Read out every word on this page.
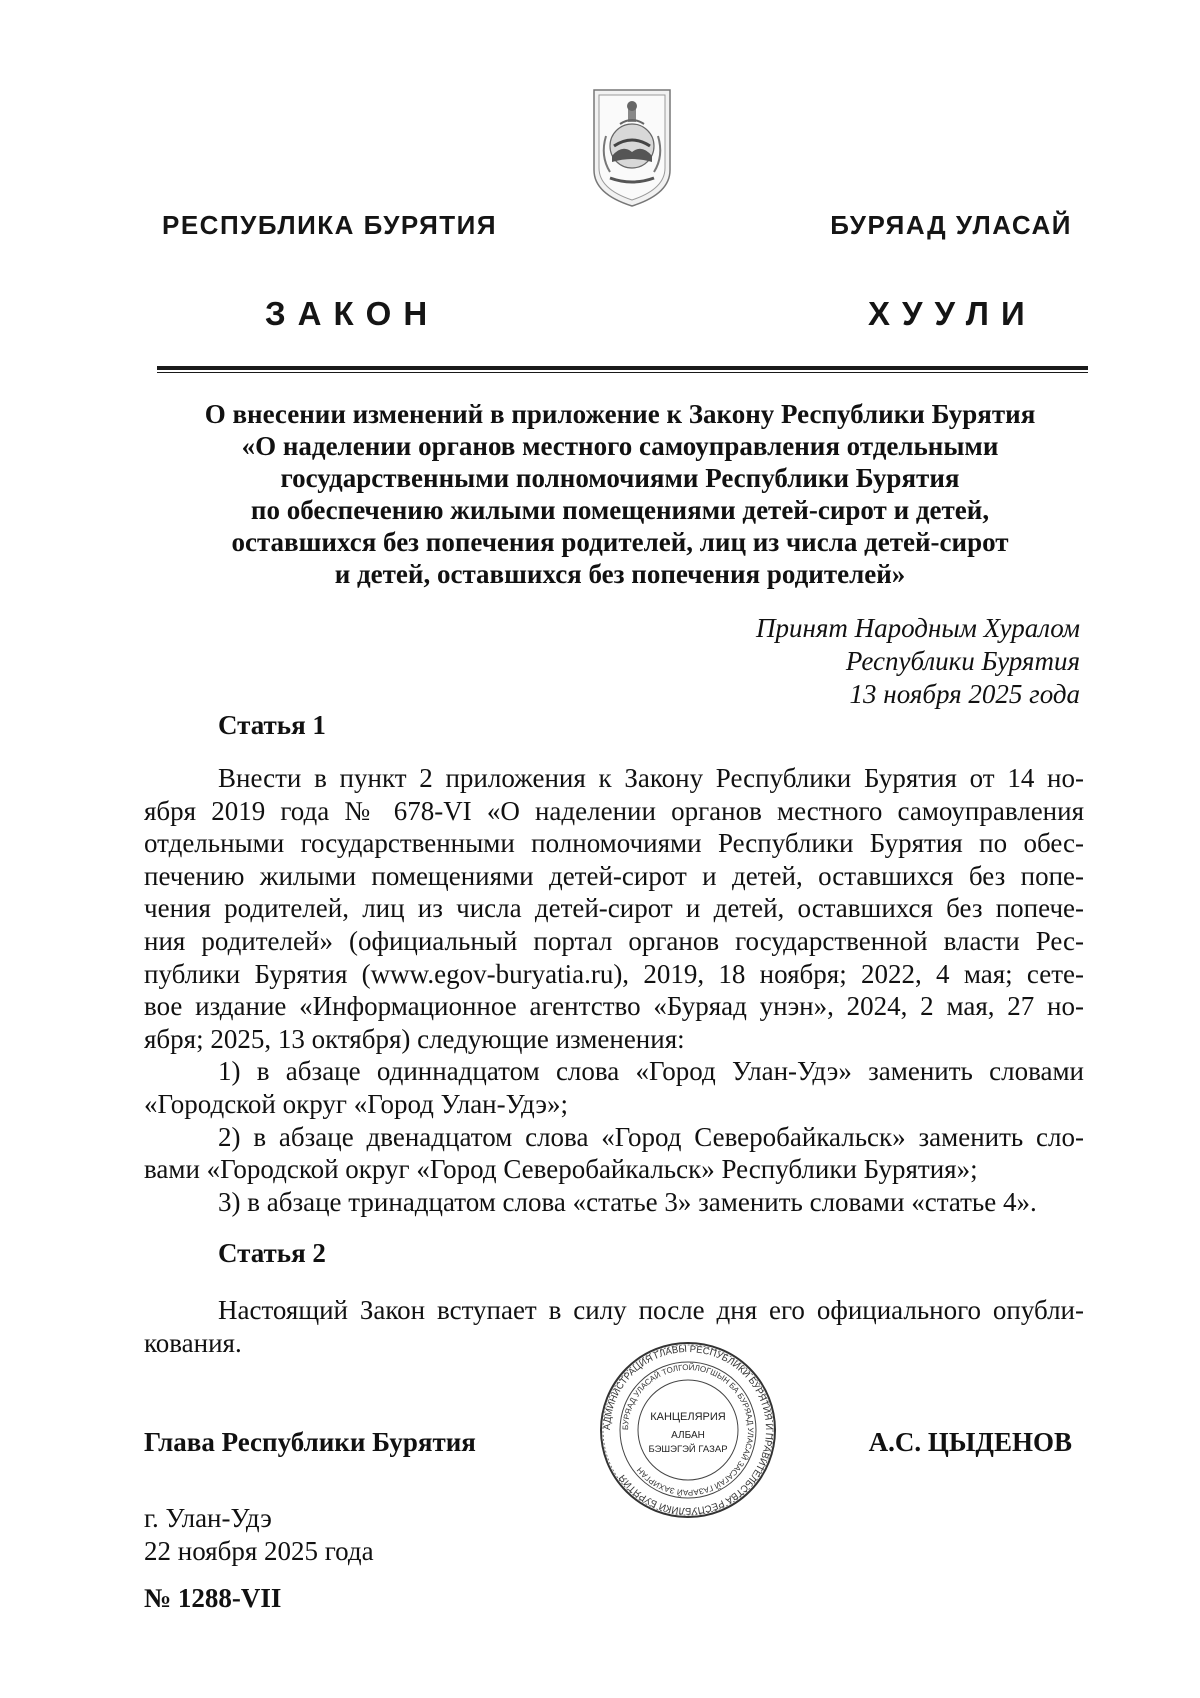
РЕСПУБЛИКА БУРЯТИЯ	БУРЯАД УЛАСАЙ
ЗАКОН	ХУУЛИ
О внесении изменений в приложение к Закону Республики Бурятия
«О наделении органов местного самоуправления отдельными
государственными полномочиями Республики Бурятия
по обеспечению жилыми помещениями детей-сирот и детей,
оставшихся без попечения родителей, лиц из числа детей-сирот
и детей, оставшихся без попечения родителей»
Принят Народным Хуралом
Республики Бурятия
13 ноября 2025 года
Статья 1
Внести в пункт 2 приложения к Закону Республики Бурятия от 14 но-
ября 2019 года № 678-VI «О наделении органов местного самоуправления
отдельными государственными полномочиями Республики Бурятия по обес-
печению жилыми помещениями детей-сирот и детей, оставшихся без попе-
чения родителей, лиц из числа детей-сирот и детей, оставшихся без попече-
ния родителей» (официальный портал органов государственной власти Рес-
публики Бурятия (www.egov-buryatia.ru), 2019, 18 ноября; 2022, 4 мая; сете-
вое издание «Информационное агентство «Буряад унэн», 2024, 2 мая, 27 но-
ября; 2025, 13 октября) следующие изменения:
1) в абзаце одиннадцатом слова «Город Улан-Удэ» заменить словами
«Городской округ «Город Улан-Удэ»;
2) в абзаце двенадцатом слова «Город Северобайкальск» заменить сло-
вами «Городской округ «Город Северобайкальск» Республики Бурятия»;
3) в абзаце тринадцатом слова «статье 3» заменить словами «статье 4».
Статья 2
Настоящий Закон вступает в силу после дня его официального опубли-
кования.
Глава Республики Бурятия	А.С. ЦЫДЕНОВ
АДМИНИСТРАЦИЯ ГЛАВЫ РЕСПУБЛИКИ БУРЯТИЯ И ПРАВИТЕЛЬСТВА РЕСПУБЛИКИ БУРЯТИЯ
БУРЯАД УЛАСАЙ ТОЛГОЙЛОГШЫН БА БУРЯАД УЛАСАЙ ЗАСАГАЙ ГАЗАРАЙ ЗАХИРГАН
КАНЦЕЛЯРИЯ
АЛБАН
БЭШЭГЭЙ ГАЗАР
г. Улан-Удэ
22 ноября 2025 года
№ 1288-VII
